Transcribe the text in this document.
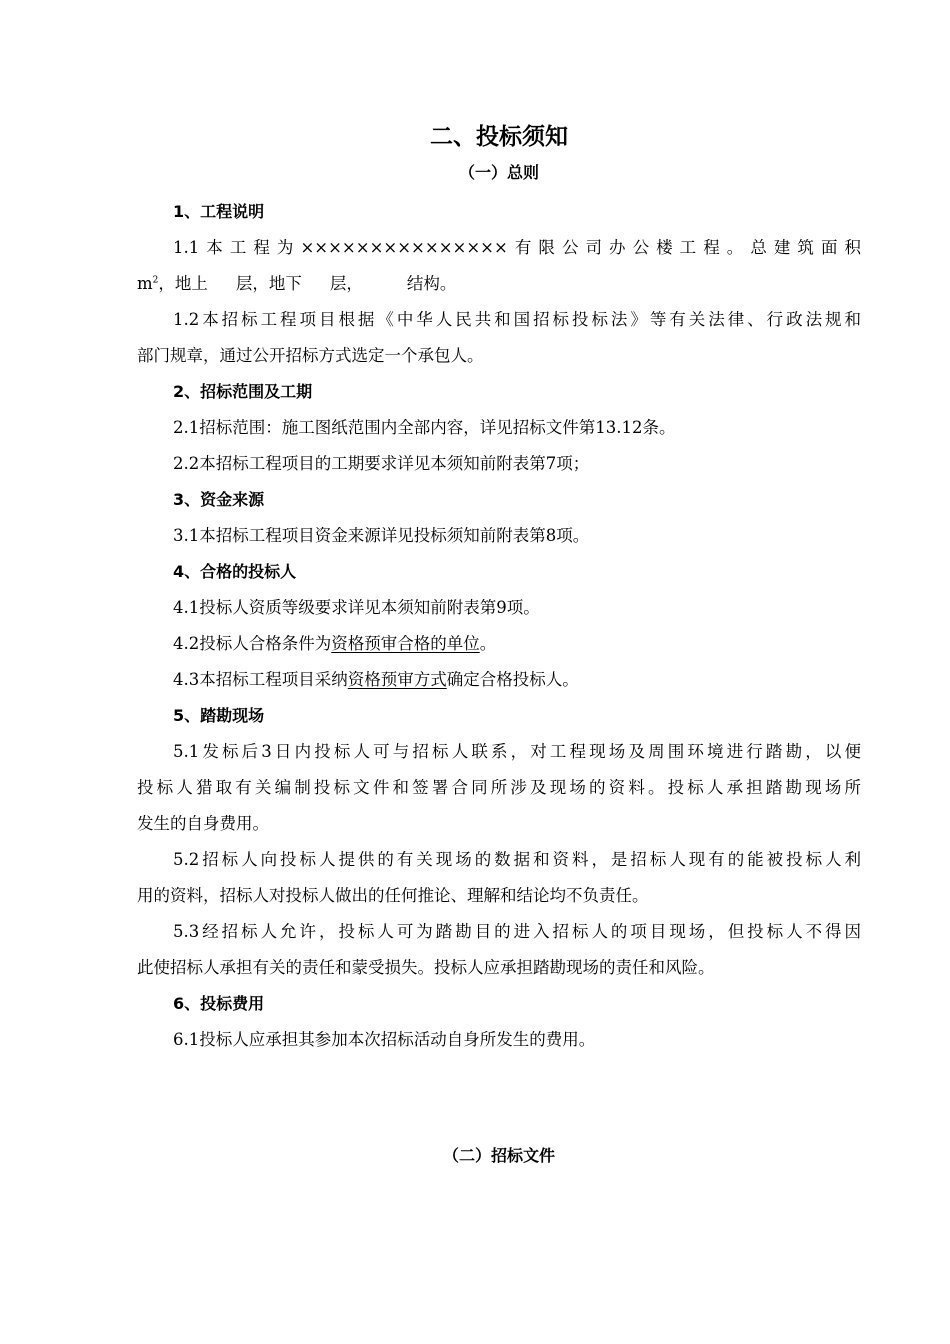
二、投标须知
（一）总则
1、工程说明
1.1本工程为×××××××××××××××有限公司办公楼工程。总建筑面积
$m^2$，地上 层，地下 层，	结构。
1.2本招标工程项目根据《中华人民共和国招标投标法》等有关法律、行政法规和
部门规章，通过公开招标方式选定一个承包人。
2、招标范围及工期
2.1招标范围：施工图纸范围内全部内容，详见招标文件第13.12条。
2.2本招标工程项目的工期要求详见本须知前附表第7项；
3、资金来源
3.1本招标工程项目资金来源详见投标须知前附表第8项。
4、合格的投标人
4.1投标人资质等级要求详见本须知前附表第9项。
4.2投标人合格条件为资格预审合格的单位。
4.3本招标工程项目采纳资格预审方式确定合格投标人。
5、踏勘现场
5.1发标后3日内投标人可与招标人联系，对工程现场及周围环境进行踏勘，以便
投标人猎取有关编制投标文件和签署合同所涉及现场的资料。投标人承担踏勘现场所
发生的自身费用。
5.2招标人向投标人提供的有关现场的数据和资料，是招标人现有的能被投标人利
用的资料，招标人对投标人做出的任何推论、理解和结论均不负责任。
5.3经招标人允许，投标人可为踏勘目的进入招标人的项目现场，但投标人不得因
此使招标人承担有关的责任和蒙受损失。投标人应承担踏勘现场的责任和风险。
6、投标费用
6.1投标人应承担其参加本次招标活动自身所发生的费用。
（二）招标文件
